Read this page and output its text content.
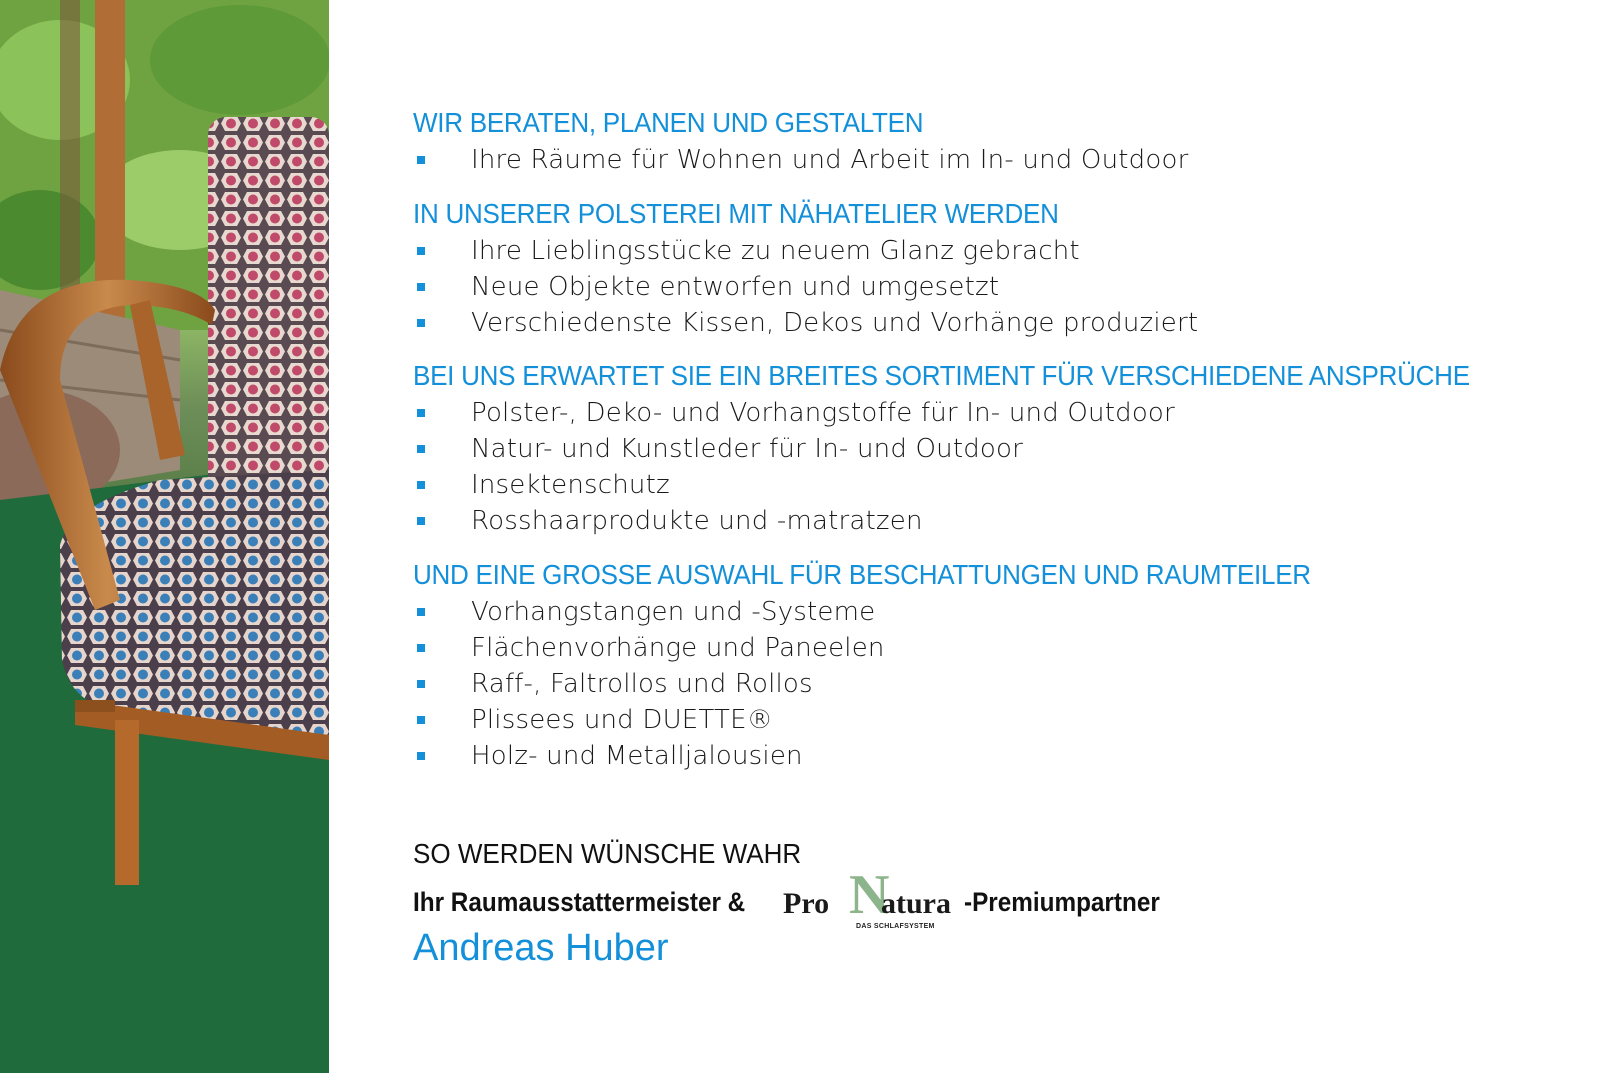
WIR BERATEN, PLANEN UND GESTALTEN
Ihre Räume für Wohnen und Arbeit im In- und Outdoor
IN UNSERER POLSTEREI MIT NÄHATELIER WERDEN
Ihre Lieblingsstücke zu neuem Glanz gebracht
Neue Objekte entworfen und umgesetzt
Verschiedenste Kissen, Dekos und Vorhänge produziert
BEI UNS ERWARTET SIE EIN BREITES SORTIMENT FÜR VERSCHIEDENE ANSPRÜCHE
Polster-, Deko- und Vorhangstoffe für In- und Outdoor
Natur- und Kunstleder für In- und Outdoor
Insektenschutz
Rosshaarprodukte und -matratzen
UND EINE GROSSE AUSWAHL FÜR BESCHATTUNGEN UND RAUMTEILER
Vorhangstangen und -Systeme
Flächenvorhänge und Paneelen
Raff-, Faltrollos und Rollos
Plissees und DUETTE®
Holz- und Metalljalousien
SO WERDEN WÜNSCHE WAHR
Ihr Raumausstattermeister & Pro N
atura
DAS SCHLAFSYSTEM
-Premiumpartner
Andreas Huber
